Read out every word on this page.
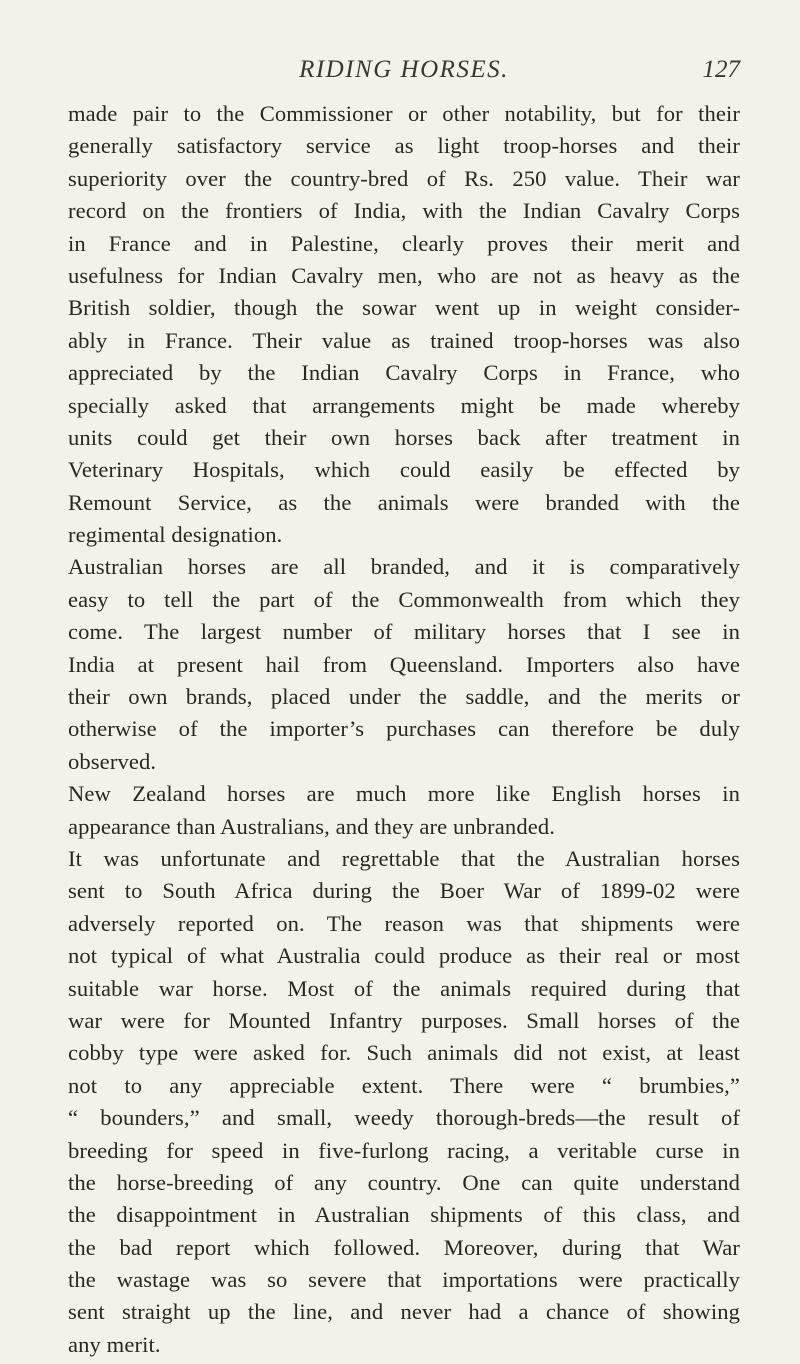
RIDING HORSES.	127
made pair to the Commissioner or other notability, but for their
generally satisfactory service as light troop-horses and their
superiority over the country-bred of Rs. 250 value. Their war
record on the frontiers of India, with the Indian Cavalry Corps
in France and in Palestine, clearly proves their merit and
usefulness for Indian Cavalry men, who are not as heavy as the
British soldier, though the sowar went up in weight consider-
ably in France. Their value as trained troop-horses was also
appreciated by the Indian Cavalry Corps in France, who
specially asked that arrangements might be made whereby
units could get their own horses back after treatment in
Veterinary Hospitals, which could easily be effected by
Remount Service, as the animals were branded with the
regimental designation.
Australian horses are all branded, and it is comparatively
easy to tell the part of the Commonwealth from which they
come. The largest number of military horses that I see in
India at present hail from Queensland. Importers also have
their own brands, placed under the saddle, and the merits or
otherwise of the importer’s purchases can therefore be duly
observed.
New Zealand horses are much more like English horses in
appearance than Australians, and they are unbranded.
It was unfortunate and regrettable that the Australian horses
sent to South Africa during the Boer War of 1899-02 were
adversely reported on. The reason was that shipments were
not typical of what Australia could produce as their real or most
suitable war horse. Most of the animals required during that
war were for Mounted Infantry purposes. Small horses of the
cobby type were asked for. Such animals did not exist, at least
not to any appreciable extent. There were “ brumbies,”
“ bounders,” and small, weedy thorough-breds—the result of
breeding for speed in five-furlong racing, a veritable curse in
the horse-breeding of any country. One can quite understand
the disappointment in Australian shipments of this class, and
the bad report which followed. Moreover, during that War
the wastage was so severe that importations were practically
sent straight up the line, and never had a chance of showing
any merit.
